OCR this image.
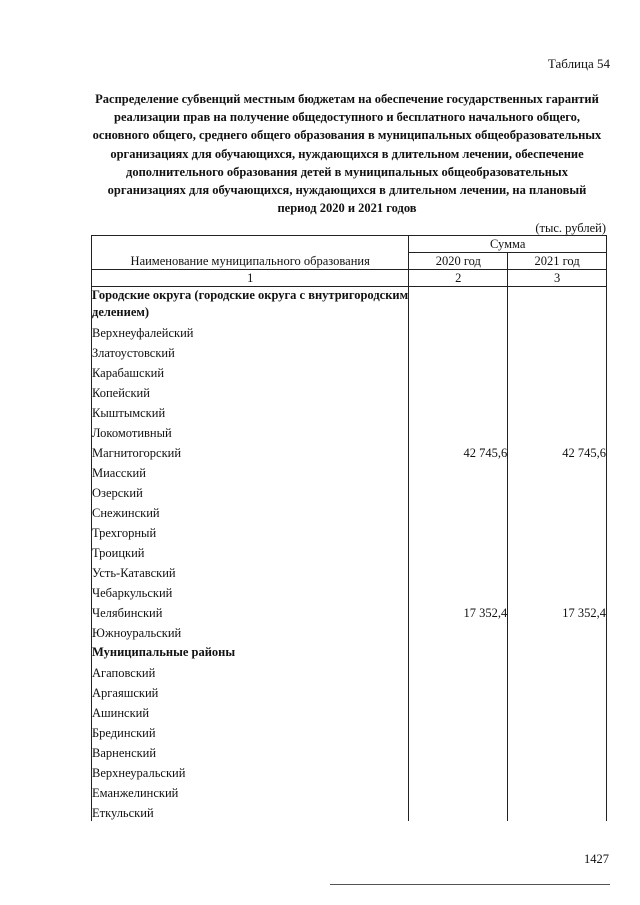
Таблица 54
Распределение субвенций местным бюджетам на обеспечение государственных гарантий реализации прав на получение общедоступного и бесплатного начального общего, основного общего, среднего общего образования в муниципальных общеобразовательных организациях для обучающихся, нуждающихся в длительном лечении, обеспечение дополнительного образования детей в муниципальных общеобразовательных организациях для обучающихся, нуждающихся в длительном лечении, на плановый период 2020 и 2021 годов
(тыс. рублей)
Наименование муниципального образования	Сумма	
	2020 год	2021 год
1	2	3
Городские округа (городские округа с внутригородским делением)		
Верхнеуфалейский		
Златоустовский		
Карабашский		
Копейский		
Кыштымский		
Локомотивный		
Магнитогорский	42 745,6	42 745,6
Миасский		
Озерский		
Снежинский		
Трехгорный		
Троицкий		
Усть-Катавский		
Чебаркульский		
Челябинский	17 352,4	17 352,4
Южноуральский		
Муниципальные районы		
Агаповский		
Аргаяшский		
Ашинский		
Брединский		
Варненский		
Верхнеуральский		
Еманжелинский		
Еткульский		
1427
